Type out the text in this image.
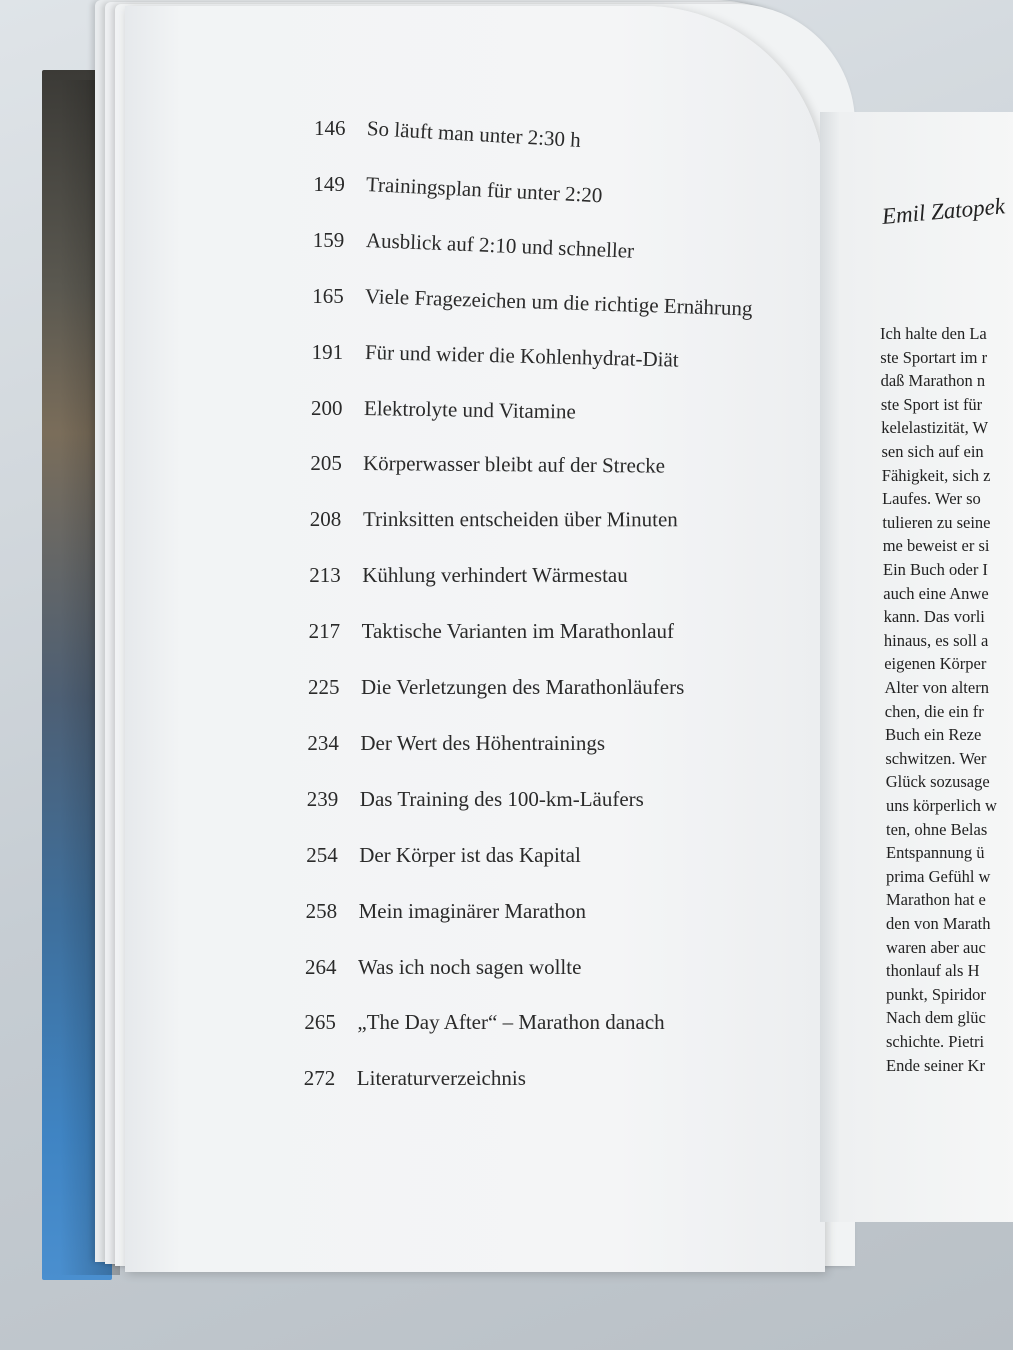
146 So läuft man unter 2:30 h
149 Trainingsplan für unter 2:20
159 Ausblick auf 2:10 und schneller
165 Viele Fragezeichen um die richtige Ernährung
191 Für und wider die Kohlenhydrat-Diät
200 Elektrolyte und Vitamine
205 Körperwasser bleibt auf der Strecke
208 Trinksitten entscheiden über Minuten
213 Kühlung verhindert Wärmestau
217 Taktische Varianten im Marathonlauf
225 Die Verletzungen des Marathonläufers
234 Der Wert des Höhentrainings
239 Das Training des 100-km-Läufers
254 Der Körper ist das Kapital
258 Mein imaginärer Marathon
264 Was ich noch sagen wollte
265 „The Day After“ – Marathon danach
272 Literaturverzeichnis
Emil Zatopek
Ich halte den La
ste Sportart im r
daß Marathon n
ste Sport ist für
kelelastizität, W
sen sich auf ein
Fähigkeit, sich z
Laufes. Wer so
tulieren zu seine
me beweist er si
Ein Buch oder I
auch eine Anwe
kann. Das vorli
hinaus, es soll a
eigenen Körper
Alter von altern
chen, die ein fr
Buch ein Reze
schwitzen. Wer
Glück sozusage
uns körperlich w
ten, ohne Belas
Entspannung ü
prima Gefühl w
Marathon hat e
den von Marath
waren aber auc
thonlauf als H
punkt, Spiridor
Nach dem glüc
schichte. Pietri
Ende seiner Kr
